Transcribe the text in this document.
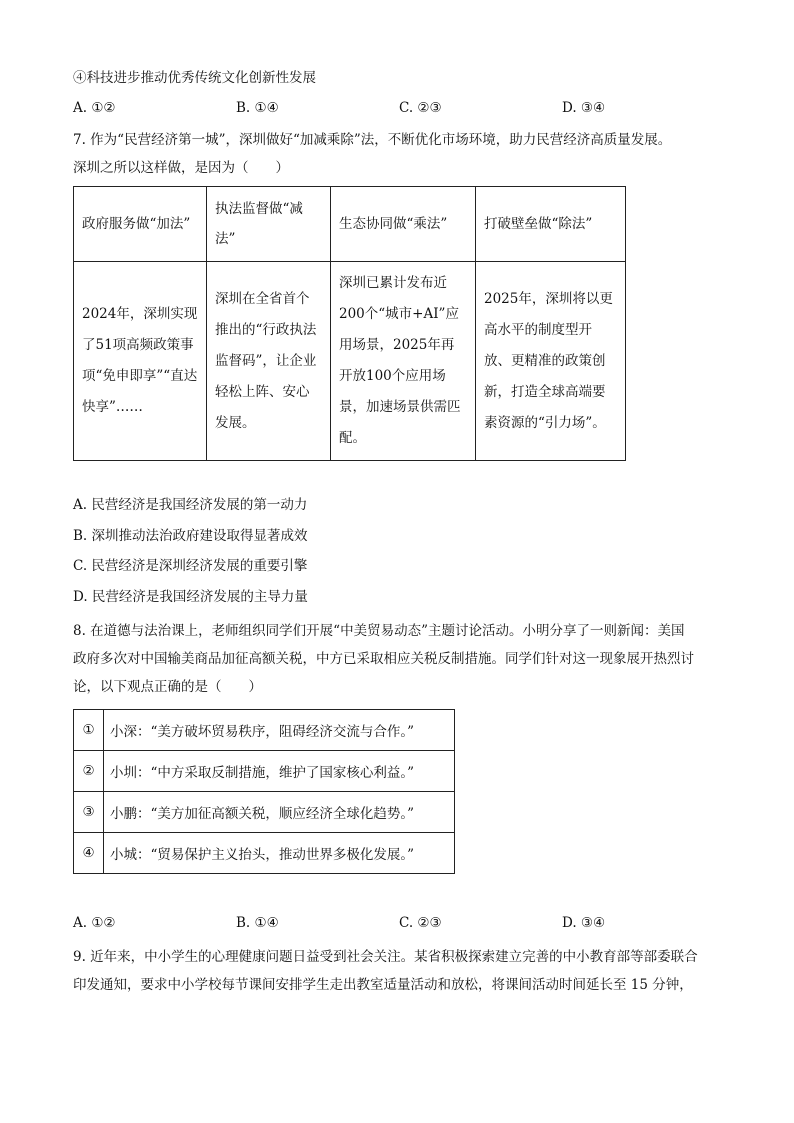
④科技进步推动优秀传统文化创新性发展
A. ①②	B. ①④	C. ②③	D. ③④

7. 作为“民营经济第一城”，深圳做好“加减乘除”法，不断优化市场环境，助力民营经济高质量发展。

深圳之所以这样做，是因为（　　）

政府服务做“加法”	执法监督做“减法”	生态协同做“乘法”	打破壁垒做“除法”
2024年，深圳实现了51项高频政策事项“免申即享”“直达快享”……	深圳在全省首个推出的“行政执法监督码”，让企业轻松上阵、安心发展。	深圳已累计发布近200个“城市+AI”应用场景，2025年再开放100个应用场景，加速场景供需匹配。	2025年，深圳将以更高水平的制度型开放、更精准的政策创新，打造全球高端要素资源的“引力场”。
A. 民营经济是我国经济发展的第一动力
B. 深圳推动法治政府建设取得显著成效
C. 民营经济是深圳经济发展的重要引擎
D. 民营经济是我国经济发展的主导力量

8. 在道德与法治课上，老师组织同学们开展“中美贸易动态”主题讨论活动。小明分享了一则新闻：美国

政府多次对中国输美商品加征高额关税，中方已采取相应关税反制措施。同学们针对这一现象展开热烈讨

论，以下观点正确的是（　　）

①	小深：“美方破坏贸易秩序，阻碍经济交流与合作。”
②	小圳：“中方采取反制措施，维护了国家核心利益。”
③	小鹏：“美方加征高额关税，顺应经济全球化趋势。”
④	小城：“贸易保护主义抬头，推动世界多极化发展。”
A. ①②	B. ①④	C. ②③	D. ③④

9. 近年来，中小学生的心理健康问题日益受到社会关注。某省积极探索建立完善的中小教育部等部委联合

印发通知，要求中小学校每节课间安排学生走出教室适量活动和放松，将课间活动时间延长至 15 分钟，
